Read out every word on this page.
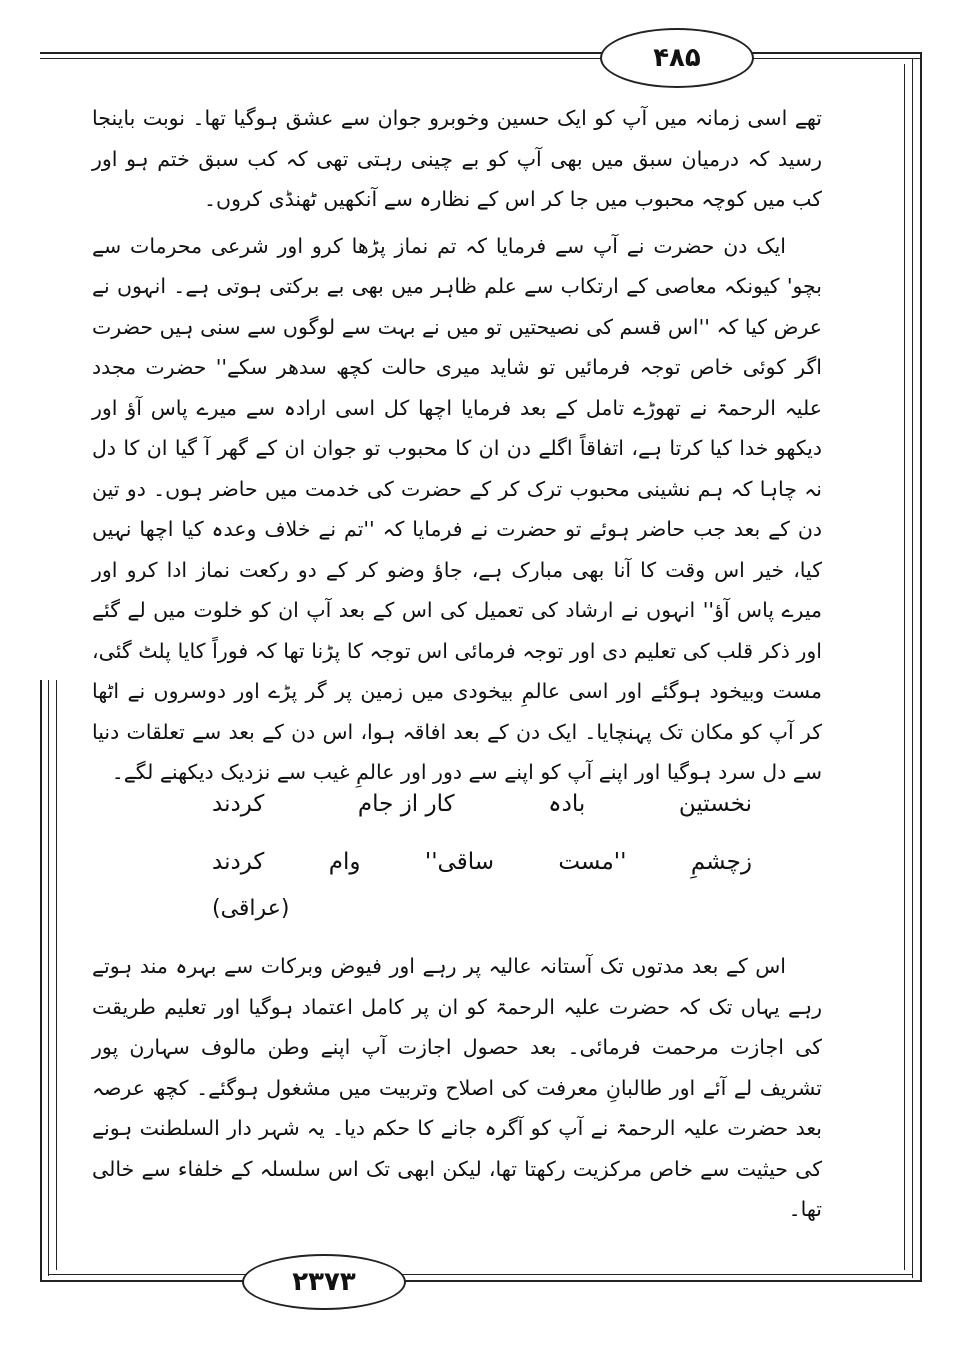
۴۸۵

تھے اسی زمانہ میں آپ کو ایک حسین وخوبرو جوان سے عشق ہوگیا تھا۔ نوبت باینجا رسید کہ درمیان سبق میں بھی آپ کو بے چینی رہتی تھی کہ کب سبق ختم ہو اور کب میں کوچہ محبوب میں جا کر اس کے نظارہ سے آنکھیں ٹھنڈی کروں۔

ایک دن حضرت نے آپ سے فرمایا کہ تم نماز پڑھا کرو اور شرعی محرمات سے بچو' کیونکہ معاصی کے ارتکاب سے علم ظاہر میں بھی بے برکتی ہوتی ہے۔ انہوں نے عرض کیا کہ ''اس قسم کی نصیحتیں تو میں نے بہت سے لوگوں سے سنی ہیں حضرت اگر کوئی خاص توجہ فرمائیں تو شاید میری حالت کچھ سدھر سکے'' حضرت مجدد علیہ الرحمۃ نے تھوڑے تامل کے بعد فرمایا اچھا کل اسی ارادہ سے میرے پاس آؤ اور دیکھو خدا کیا کرتا ہے، اتفاقاً اگلے دن ان کا محبوب تو جوان ان کے گھر آ گیا ان کا دل نہ چاہا کہ ہم نشینی محبوب ترک کر کے حضرت کی خدمت میں حاضر ہوں۔ دو تین دن کے بعد جب حاضر ہوئے تو حضرت نے فرمایا کہ ''تم نے خلاف وعدہ کیا اچھا نہیں کیا، خیر اس وقت کا آنا بھی مبارک ہے، جاؤ وضو کر کے دو رکعت نماز ادا کرو اور میرے پاس آؤ'' انہوں نے ارشاد کی تعمیل کی اس کے بعد آپ ان کو خلوت میں لے گئے اور ذکر قلب کی تعلیم دی اور توجہ فرمائی اس توجہ کا پڑنا تھا کہ فوراً کایا پلٹ گئی، مست وبیخود ہوگئے اور اسی عالمِ بیخودی میں زمین پر گر پڑے اور دوسروں نے اٹھا کر آپ کو مکان تک پہنچایا۔ ایک دن کے بعد افاقہ ہوا، اس دن کے بعد سے تعلقات دنیا سے دل سرد ہوگیا اور اپنے آپ کو اپنے سے دور اور عالمِ غیب سے نزدیک دیکھنے لگے۔

نخستین
بادہ
کار از جام
کردند
زچشمِ
''مست
ساقی''
وام
کردند
(عراقی)

اس کے بعد مدتوں تک آستانہ عالیہ پر رہے اور فیوض وبرکات سے بہرہ مند ہوتے رہے یہاں تک کہ حضرت علیہ الرحمۃ کو ان پر کامل اعتماد ہوگیا اور تعلیم طریقت کی اجازت مرحمت فرمائی۔ بعد حصول اجازت آپ اپنے وطن مالوف سہارن پور تشریف لے آئے اور طالبانِ معرفت کی اصلاح وتربیت میں مشغول ہوگئے۔ کچھ عرصہ بعد حضرت علیہ الرحمۃ نے آپ کو آگرہ جانے کا حکم دیا۔ یہ شہر دار السلطنت ہونے کی حیثیت سے خاص مرکزیت رکھتا تھا، لیکن ابھی تک اس سلسلہ کے خلفاء سے خالی تھا۔

۲۳۷۳
